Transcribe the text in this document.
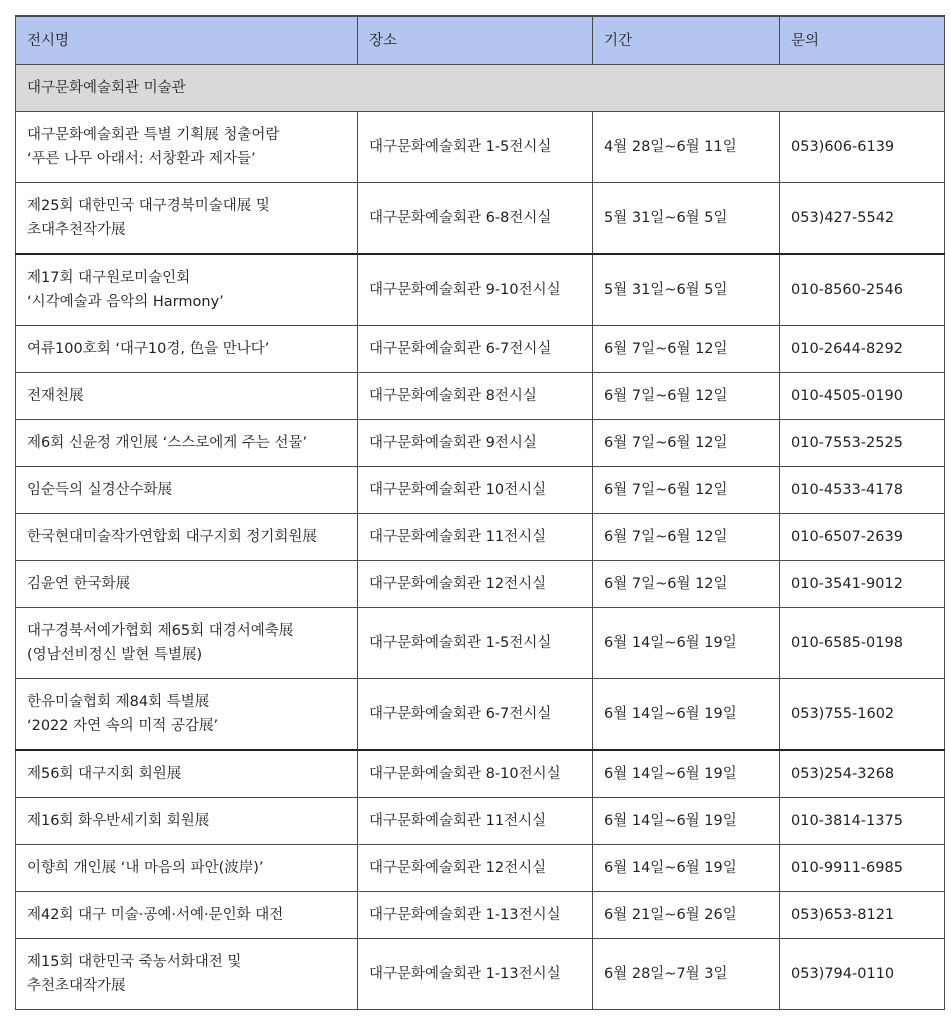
전시명	장소	기간	문의
대구문화예술회관 미술관			

대구문화예술회관 특별 기획展 청출어람
‘푸른 나무 아래서: 서창환과 제자들’	대구문화예술회관 1-5전시실	4월 28일~6월 11일	053)606-6139

제25회 대한민국 대구경북미술대展 및
초대추천작가展	대구문화예술회관 6-8전시실	5월 31일~6월 5일	053)427-5542

제17회 대구원로미술인회
‘시각예술과 음악의 Harmony’	대구문화예술회관 9-10전시실	5월 31일~6월 5일	010-8560-2546

여류100호회 ‘대구10경, 色을 만나다’	대구문화예술회관 6-7전시실	6월 7일~6월 12일	010-2644-8292

전재천展	대구문화예술회관 8전시실	6월 7일~6월 12일	010-4505-0190

제6회 신윤정 개인展 ‘스스로에게 주는 선물’	대구문화예술회관 9전시실	6월 7일~6월 12일	010-7553-2525

임순득의 실경산수화展	대구문화예술회관 10전시실	6월 7일~6월 12일	010-4533-4178

한국현대미술작가연합회 대구지회 정기회원展	대구문화예술회관 11전시실	6월 7일~6월 12일	010-6507-2639

김윤연 한국화展	대구문화예술회관 12전시실	6월 7일~6월 12일	010-3541-9012

대구경북서예가협회 제65회 대경서예축展
(영남선비정신 발현 특별展)	대구문화예술회관 1-5전시실	6월 14일~6월 19일	010-6585-0198

한유미술협회 제84회 특별展
‘2022 자연 속의 미적 공감展’	대구문화예술회관 6-7전시실	6월 14일~6월 19일	053)755-1602

제56회 대구지회 회원展	대구문화예술회관 8-10전시실	6월 14일~6월 19일	053)254-3268

제16회 화우반세기회 회원展	대구문화예술회관 11전시실	6월 14일~6월 19일	010-3814-1375

이향희 개인展 ‘내 마음의 파안(波岸)’	대구문화예술회관 12전시실	6월 14일~6월 19일	010-9911-6985

제42회 대구 미술·공예·서예·문인화 대전	대구문화예술회관 1-13전시실	6월 21일~6월 26일	053)653-8121

제15회 대한민국 죽농서화대전 및
추천초대작가展	대구문화예술회관 1-13전시실	6월 28일~7월 3일	053)794-0110
